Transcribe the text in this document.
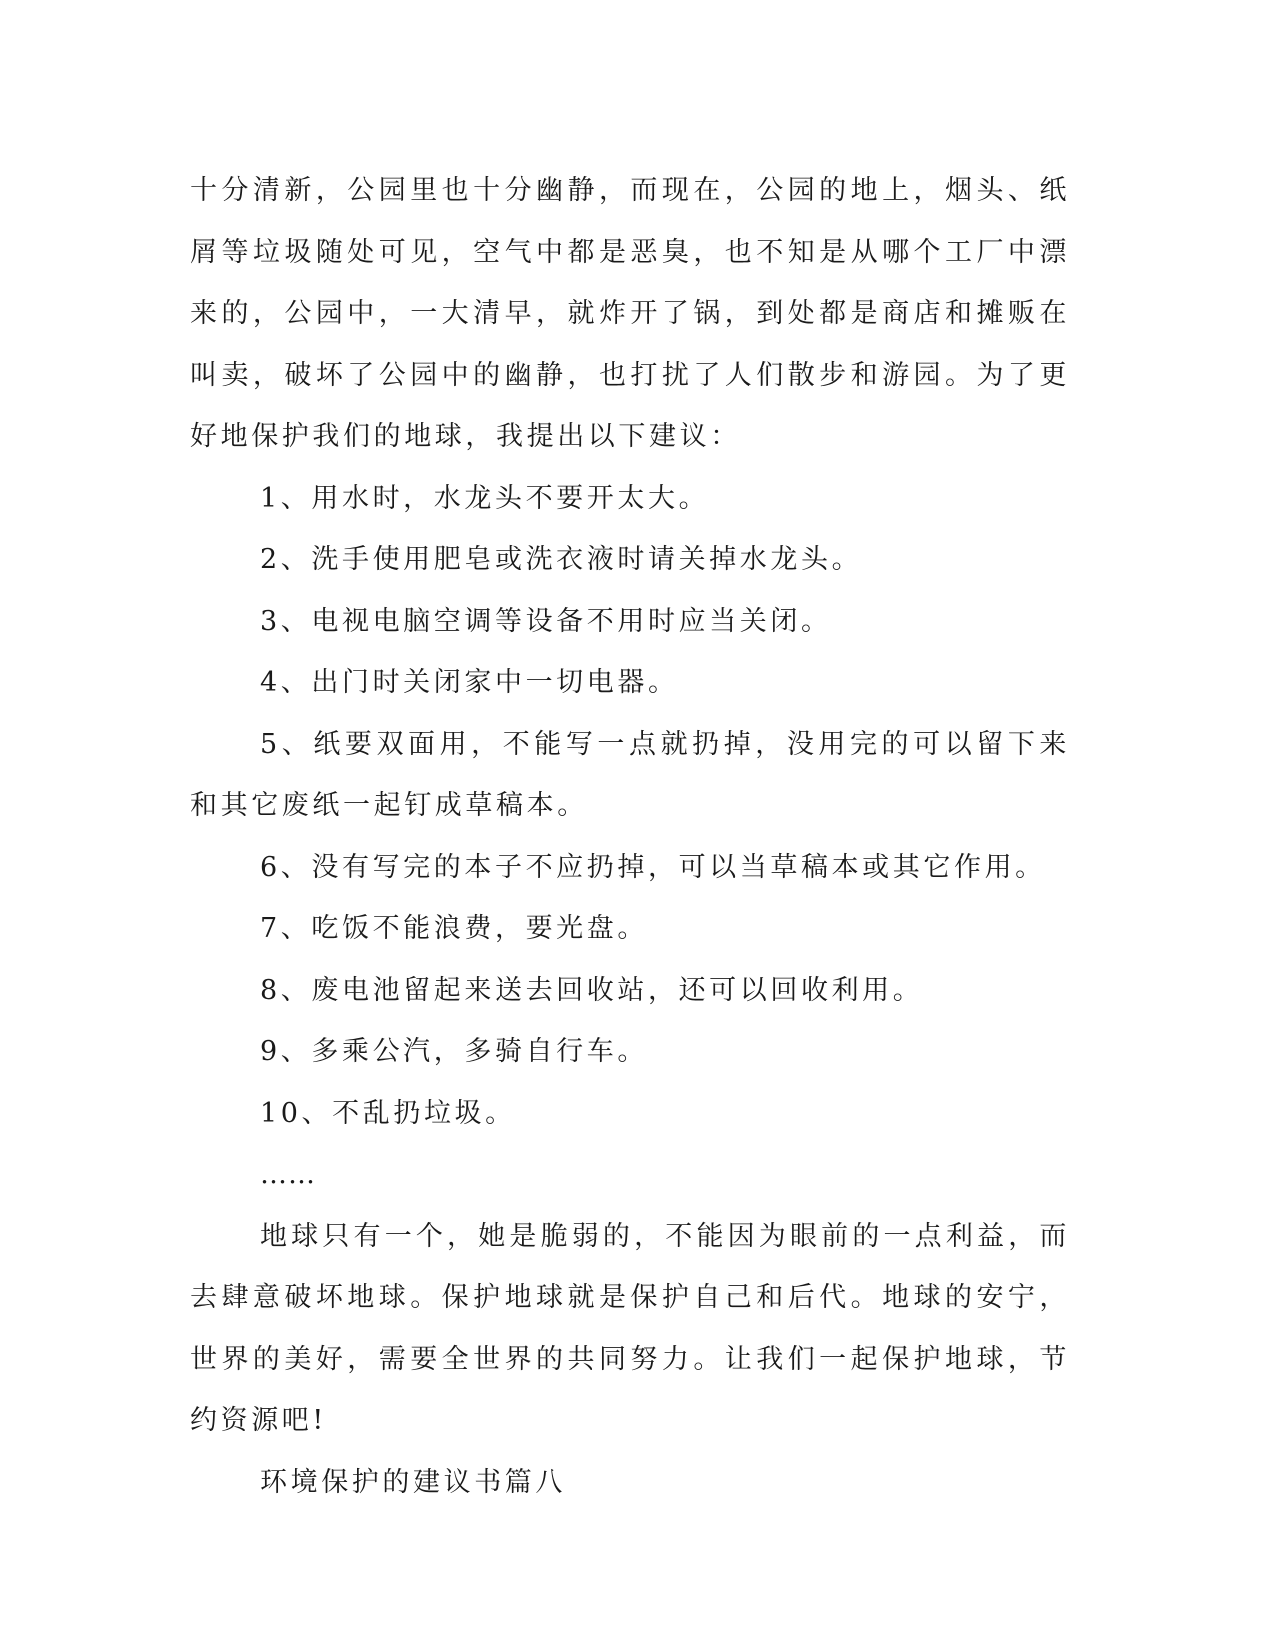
十分清新，公园里也十分幽静，而现在，公园的地上，烟头、纸屑等垃圾随处可见，空气中都是恶臭，也不知是从哪个工厂中漂来的，公园中，一大清早，就炸开了锅，到处都是商店和摊贩在叫卖，破坏了公园中的幽静，也打扰了人们散步和游园。为了更好地保护我们的地球，我提出以下建议：

1、用水时，水龙头不要开太大。

2、洗手使用肥皂或洗衣液时请关掉水龙头。

3、电视电脑空调等设备不用时应当关闭。

4、出门时关闭家中一切电器。

5、纸要双面用，不能写一点就扔掉，没用完的可以留下来和其它废纸一起钉成草稿本。

6、没有写完的本子不应扔掉，可以当草稿本或其它作用。

7、吃饭不能浪费，要光盘。

8、废电池留起来送去回收站，还可以回收利用。

9、多乘公汽，多骑自行车。

10、不乱扔垃圾。

……

地球只有一个，她是脆弱的，不能因为眼前的一点利益，而去肆意破坏地球。保护地球就是保护自己和后代。地球的安宁，世界的美好，需要全世界的共同努力。让我们一起保护地球，节约资源吧!

环境保护的建议书篇八
